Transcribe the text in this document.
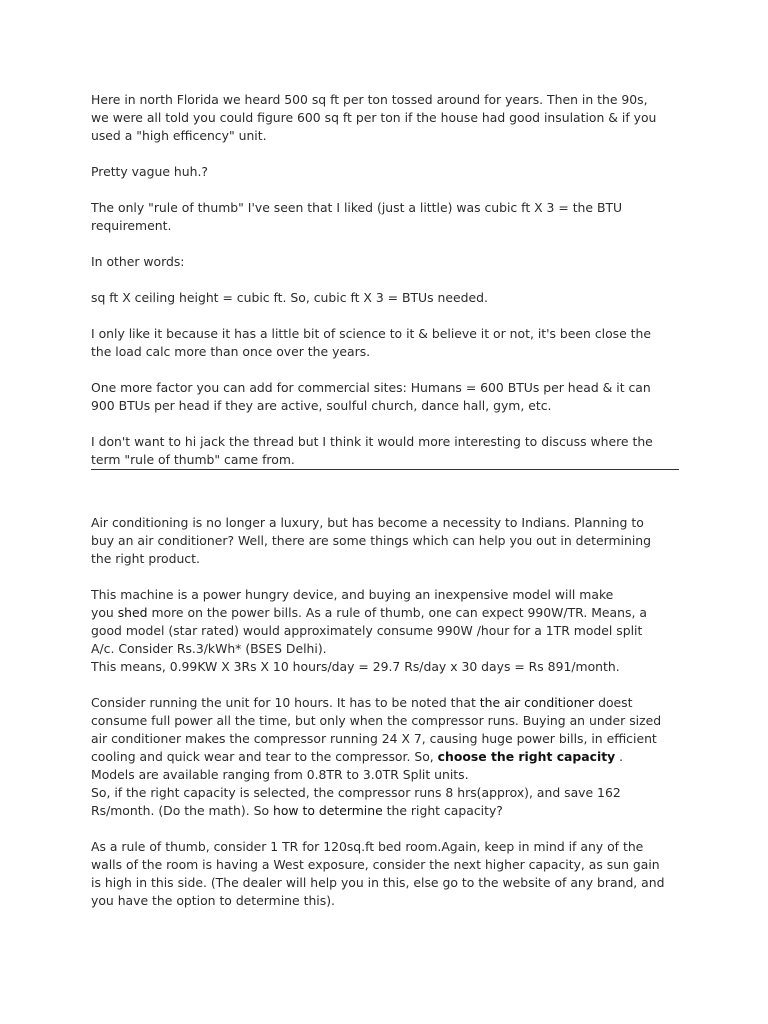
Here in north Florida we heard 500 sq ft per ton tossed around for years. Then in the 90s,
we were all told you could figure 600 sq ft per ton if the house had good insulation & if you
used a "high efficency" unit.

Pretty vague huh.?

The only "rule of thumb" I've seen that I liked (just a little) was cubic ft X 3 = the BTU
requirement.

In other words:

sq ft X ceiling height = cubic ft. So, cubic ft X 3 = BTUs needed.

I only like it because it has a little bit of science to it & believe it or not, it's been close the
the load calc more than once over the years.

One more factor you can add for commercial sites: Humans = 600 BTUs per head & it can
900 BTUs per head if they are active, soulful church, dance hall, gym, etc.

I don't want to hi jack the thread but I think it would more interesting to discuss where the
term "rule of thumb" came from.

Air conditioning is no longer a luxury, but has become a necessity to Indians. Planning to
buy an air conditioner? Well, there are some things which can help you out in determining
the right product.

This machine is a power hungry device, and buying an inexpensive model will make
you shed more on the power bills. As a rule of thumb, one can expect 990W/TR. Means, a
good model (star rated) would approximately consume 990W /hour for a 1TR model split
A/c. Consider Rs.3/kWh* (BSES Delhi).
This means, 0.99KW X 3Rs X 10 hours/day = 29.7 Rs/day x 30 days = Rs 891/month.

Consider running the unit for 10 hours. It has to be noted that the air conditioner doest
consume full power all the time, but only when the compressor runs. Buying an under sized
air conditioner makes the compressor running 24 X 7, causing huge power bills, in efficient
cooling and quick wear and tear to the compressor. So, choose the right capacity .
Models are available ranging from 0.8TR to 3.0TR Split units.
So, if the right capacity is selected, the compressor runs 8 hrs(approx), and save 162
Rs/month. (Do the math). So how to determine the right capacity?

As a rule of thumb, consider 1 TR for 120sq.ft bed room.Again, keep in mind if any of the
walls of the room is having a West exposure, consider the next higher capacity, as sun gain
is high in this side. (The dealer will help you in this, else go to the website of any brand, and
you have the option to determine this).
